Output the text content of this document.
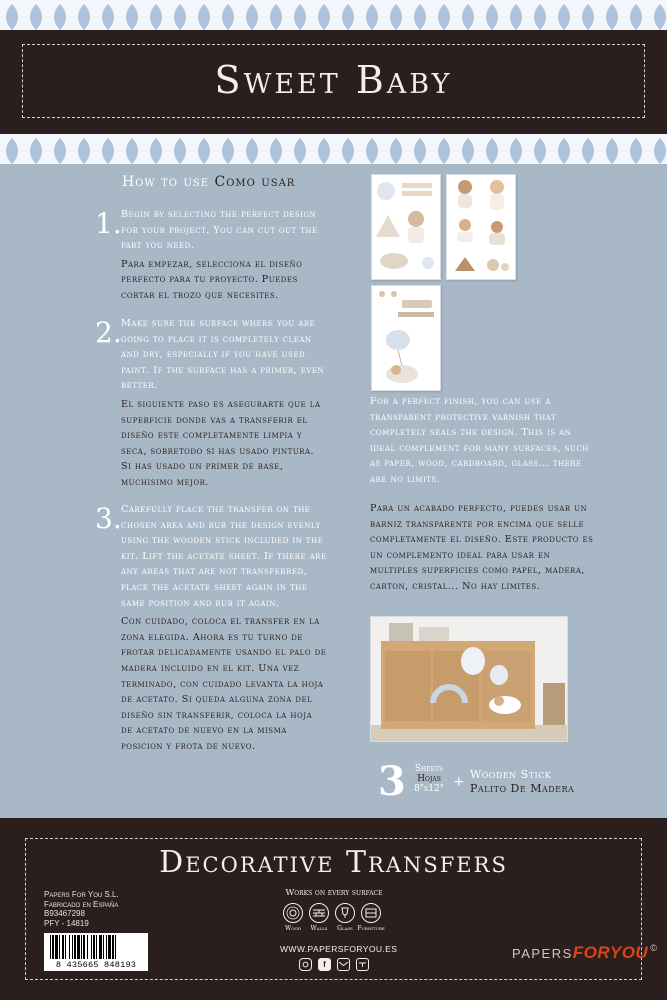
Sweet Baby
How to use Como usar
1. Begin by selecting the perfect design for your project. You can cut out the part you need.
Para empezar, selecciona el diseño perfecto para tu proyecto. Puedes cortar el trozo que necesites.
2. Make sure the surface where you are going to place it is completely clean and dry, especially if you have used paint. If the surface has a primer, even better.
El siguiente paso es asegurarte que la superficie donde vas a transferir el diseño este completamente limpia y seca, sobretodo si has usado pintura. Si has usado un primer de base, muchisimo mejor.
3. Carefully place the transfer on the chosen area and rub the design evenly using the wooden stick included in the kit. Lift the acetate sheet. If there are any areas that are not transferred, place the acetate sheet again in the same position and rub it again.
Con cuidado, coloca el transfer en la zona elegida. Ahora es tu turno de frotar delicadamente usando el palo de madera incluido en el kit. Una vez terminado, con cuidado levanta la hoja de acetato. Si queda alguna zona del diseño sin transferir, coloca la hoja de acetato de nuevo en la misma posicion y frota de nuevo.
For a perfect finish, you can use a transparent protective varnish that completely seals the design. This is an ideal complement for many surfaces, such as paper, wood, cardboard, glass... there are no limits.
Para un acabado perfecto, puedes usar un barniz transparente por encima que selle completamente el diseño. Este producto es un complemento ideal para usar en multiples superficies como papel, madera, carton, cristal... No hay limites.
3	Sheets
Hojas
8"x12" + Wooden Stick
Palito De Madera
Decorative Transfers
Papers For You S.L.
Fabricado en España
B93467298
PFY - 14819
8 435665 848193
Works on every surface
Wood	Walls	Glass Furniture
WWW.PAPERSFORYOU.ES
f
PAPERSFORYOU ©
